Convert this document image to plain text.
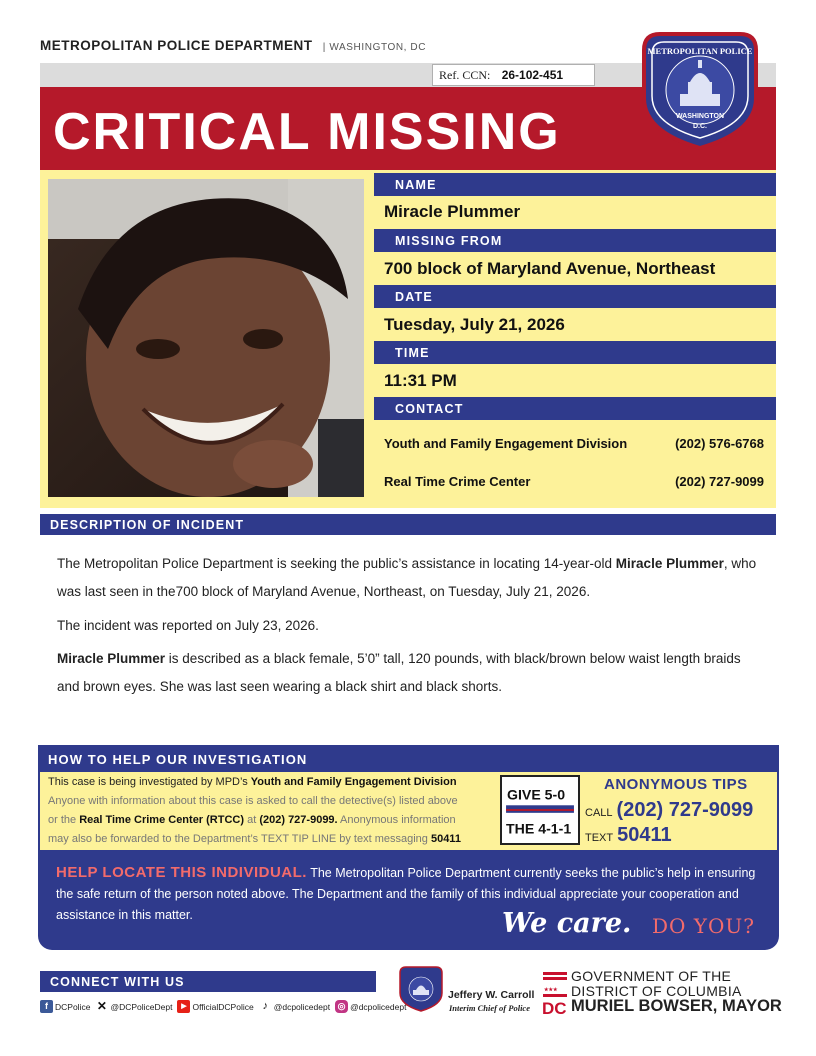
METROPOLITAN POLICE DEPARTMENT | WASHINGTON, DC
Ref. CCN: 26-102-451
CRITICAL MISSING
METROPOLITAN POLICE
WASHINGTON
D.C.
NAME
Miracle Plummer
MISSING FROM
700 block of Maryland Avenue, Northeast
DATE
Tuesday, July 21, 2026
TIME
11:31 PM
CONTACT
Youth and Family Engagement Division	(202) 576-6768
Real Time Crime Center	(202) 727-9099
DESCRIPTION OF INCIDENT
The Metropolitan Police Department is seeking the public’s assistance in locating 14-year-old Miracle Plummer, who was last seen in the700 block of Maryland Avenue, Northeast, on Tuesday, July 21, 2026.
The incident was reported on July 23, 2026.
Miracle Plummer is described as a black female, 5’0” tall, 120 pounds, with black/brown below waist length braids and brown eyes. She was last seen wearing a black shirt and black shorts.
HOW TO HELP OUR INVESTIGATION
This case is being investigated by MPD’s Youth and Family Engagement Division
Anyone with information about this case is asked to call the detective(s) listed above
or the Real Time Crime Center (RTCC) at (202) 727-9099. Anonymous information
may also be forwarded to the Department’s TEXT TIP LINE by text messaging 50411
GIVE 5-0
THE 4-1-1
ANONYMOUS TIPS
CALL (202) 727-9099
TEXT 50411
HELP LOCATE THIS INDIVIDUAL. The Metropolitan Police Department currently seeks the public’s help in ensuring the safe return of the person noted above. The Department and the family of this individual appreciate your cooperation and assistance in this matter.	We care. DO YOU?
CONNECT WITH US
f DCPolice ✕ @DCPoliceDept	▶ OfficialDCPolice ♪ @dcpolicedept ◎ @dcpolicedept
Jeffery W. Carroll
Interim Chief of Police
★★★
DC
GOVERNMENT OF THE
DISTRICT OF COLUMBIA
MURIEL BOWSER, MAYOR
